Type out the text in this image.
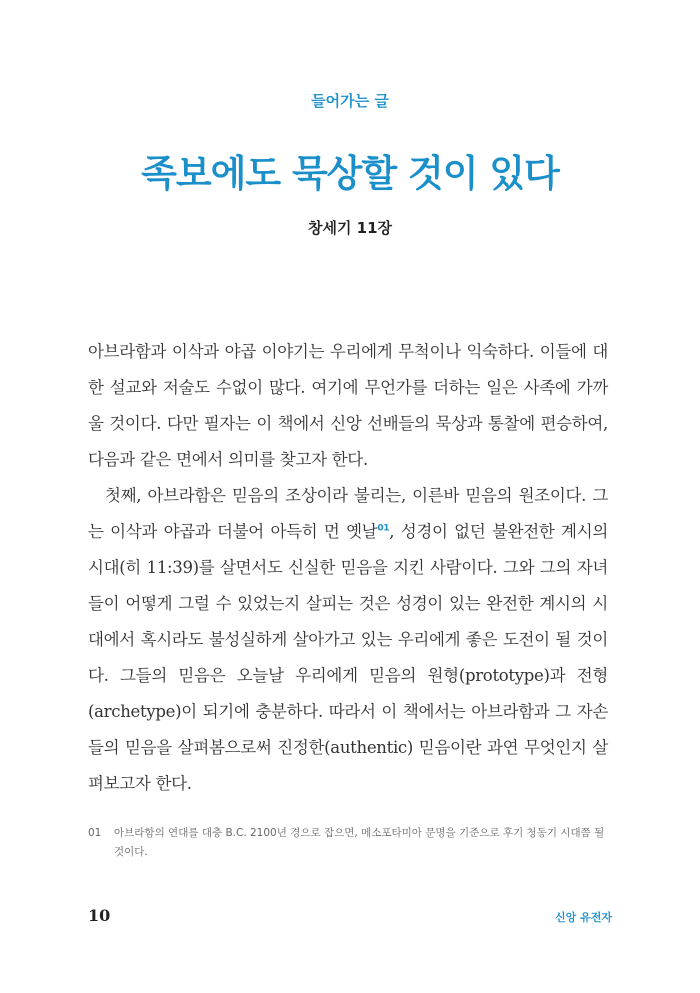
들어가는 글
족보에도 묵상할 것이 있다
창세기 11장

아브라함과 이삭과 야곱 이야기는 우리에게 무척이나 익숙하다. 이들에 대한 설교와 저술도 수없이 많다. 여기에 무언가를 더하는 일은 사족에 가까울 것이다. 다만 필자는 이 책에서 신앙 선배들의 묵상과 통찰에 편승하여, 다음과 같은 면에서 의미를 찾고자 한다.

첫째, 아브라함은 믿음의 조상이라 불리는, 이른바 믿음의 원조이다. 그는 이삭과 야곱과 더불어 아득히 먼 옛날$^{01}$, 성경이 없던 불완전한 계시의 시대(히 11:39)를 살면서도 신실한 믿음을 지킨 사람이다. 그와 그의 자녀들이 어떻게 그럴 수 있었는지 살피는 것은 성경이 있는 완전한 계시의 시대에서 혹시라도 불성실하게 살아가고 있는 우리에게 좋은 도전이 될 것이다. 그들의 믿음은 오늘날 우리에게 믿음의 원형(prototype)과 전형(archetype)이 되기에 충분하다. 따라서 이 책에서는 아브라함과 그 자손들의 믿음을 살펴봄으로써 진정한(authentic) 믿음이란 과연 무엇인지 살펴보고자 한다.

01	아브라함의 연대를 대충 B.C. 2100년 경으로 잡으면, 메소포타미아 문명을 기준으로 후기 청동기 시대쯤 될 것이다.
10	신앙 유전자
